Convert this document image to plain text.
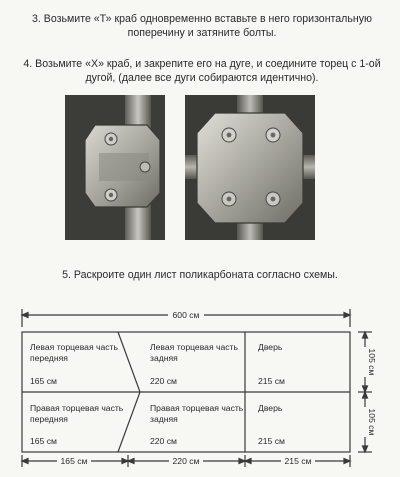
3. Возьмите «Т» краб одновременно вставьте в него горизонтальную
поперечину и затяните болты.
4. Возьмите «Х» краб, и закрепите его на дуге, и соедините торец с 1-ой
дугой, (далее все дуги собираются идентично).
5. Раскроите один лист поликарбоната согласно схемы.
600 см
105 см
105 см
165 см	220 см	215 см
Левая торцевая часть
передняя
165 см
Левая торцевая часть
задняя
220 см
Дверь
215 см
Правая торцевая часть
передняя
165 см
Правая торцевая часть
задняя
220 см
Дверь
215 см
